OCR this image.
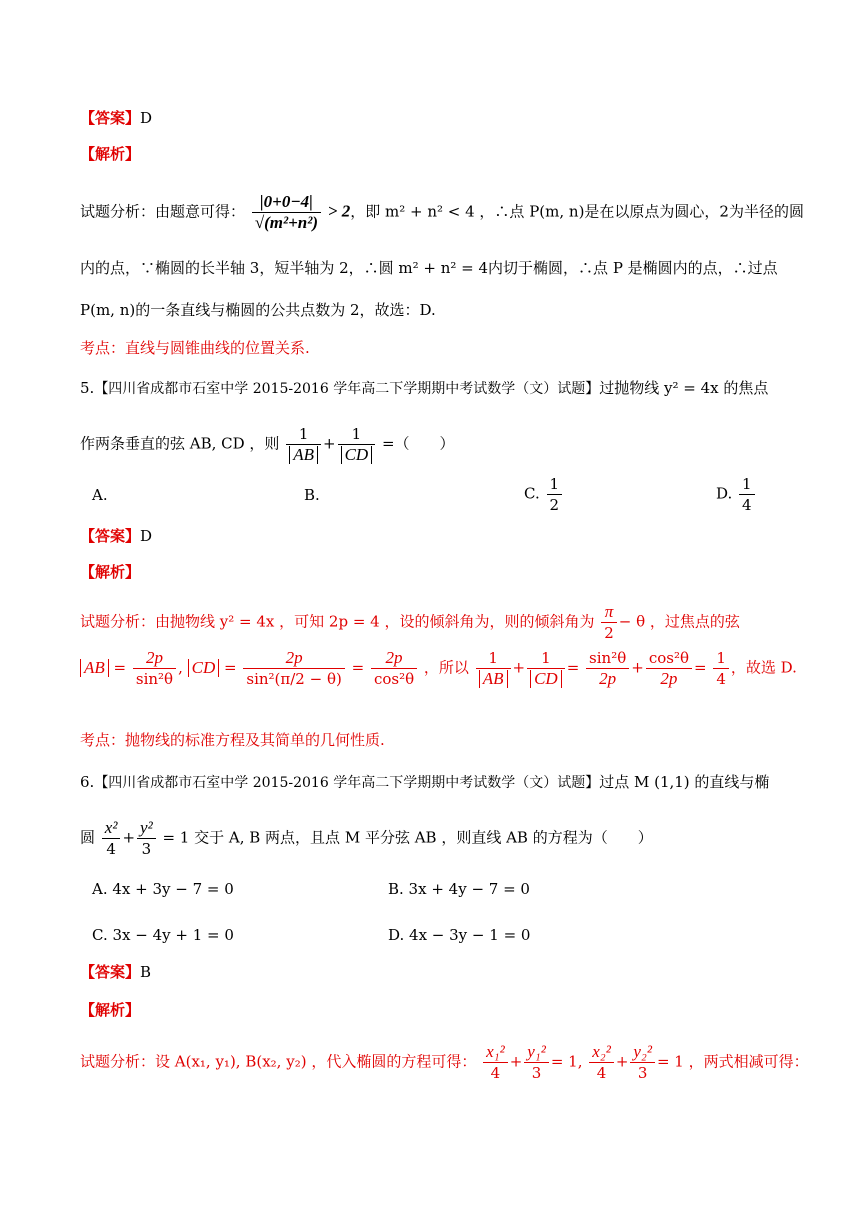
【答案】D
【解析】
试题分析：由题意可得： $\frac{|0+0-4|}{\text{√(m²+n²)}} > 2$，即 m² + n² < 4 ，∴点 P(m, n)是在以原点为圆心，2为半径的圆
内的点，∵椭圆的长半轴 3，短半轴为 2，∴圆 m² + n² = 4内切于椭圆，∴点 P 是椭圆内的点，∴过点
P(m, n)的一条直线与椭圆的公共点数为 2，故选：D.
考点：直线与圆锥曲线的位置关系.
5.【四川省成都市石室中学 2015-2016 学年高二下学期期中考试数学（文）试题】过抛物线 y² = 4x 的焦点
作两条垂直的弦 AB, CD ，则 $\frac{1}{AB} + \frac{1}{CD}$ =（　　）
A.	B.	C. $\frac{1}{2}$	D. $\frac{1}{4}$
【答案】D
【解析】
试题分析：由抛物线 y² = 4x ，可知 2p = 4 ，设的倾斜角为，则的倾斜角为 $\frac{\pi}{2} - \theta$ ，过焦点的弦
AB = $\frac{2p}{\text{sin²θ}}$ , CD = $\frac{2p}{\text{sin²(π/2 − θ)}} = \frac{2p}{\text{cos²θ}}$ ，所以 $\frac{1}{AB} + \frac{1}{CD} = \frac{\text{sin²θ}}{2p} + \frac{\text{cos²θ}}{2p} = \frac{1}{4}$ ，故选 D.
考点：抛物线的标准方程及其简单的几何性质.
6.【四川省成都市石室中学 2015-2016 学年高二下学期期中考试数学（文）试题】过点 M (1,1) 的直线与椭
圆 $\frac{\text{x²}}{4} + \frac{\text{y²}}{3} = 1$ 交于 A, B 两点，且点 M 平分弦 AB ，则直线 AB 的方程为（　　）
A. 4x + 3y − 7 = 0	B. 3x + 4y − 7 = 0
C. 3x − 4y + 1 = 0	D. 4x − 3y − 1 = 0
【答案】B
【解析】
试题分析：设 A(x₁, y₁), B(x₂, y₂) ，代入椭圆的方程可得： $\frac{\text{x₁²}}{4} + \frac{\text{y₁²}}{3} = 1$, $\frac{\text{x₂²}}{4} + \frac{\text{y₂²}}{3} = 1$ ，两式相减可得：
